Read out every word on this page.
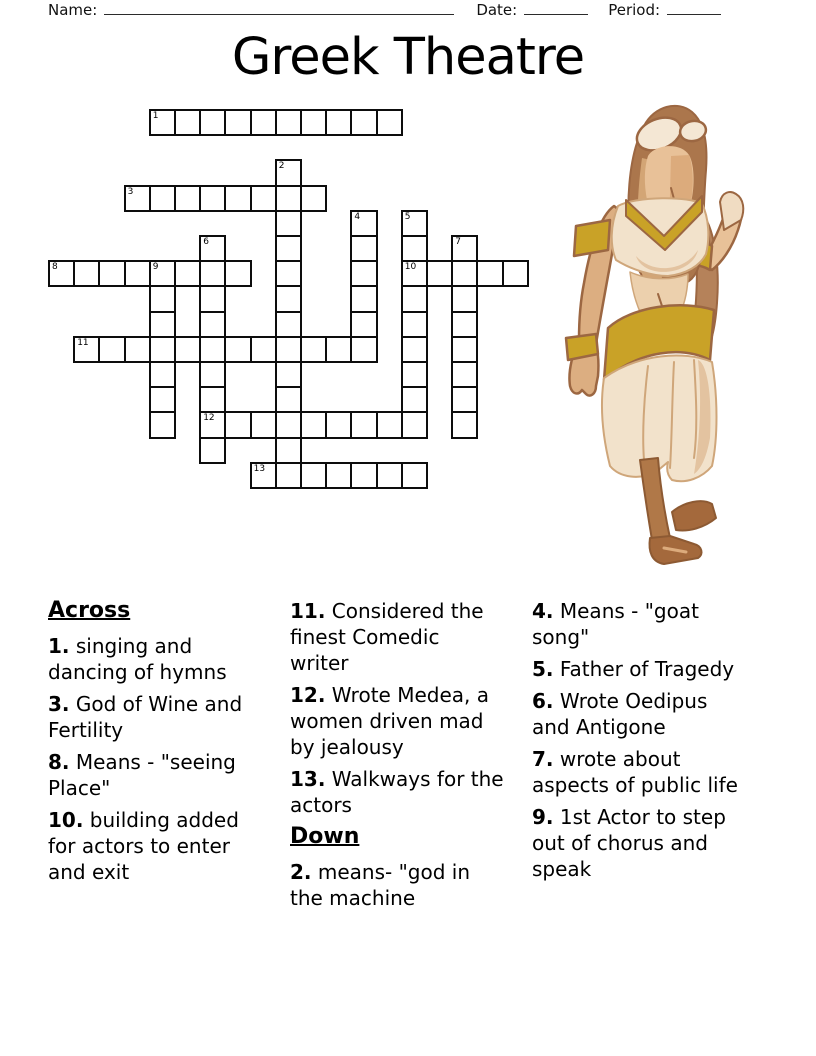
Name:	Date:	Period:
Greek Theatre
1
2
3
4	5
10
6
12
7
8	9
11
13
Across
1. singing and dancing of hymns
3. God of Wine and Fertility
8. Means - "seeing Place"
10. building added for actors to enter and exit
11. Considered the finest Comedic writer
12. Wrote Medea, a women driven mad by jealousy
13. Walkways for the actors
Down
2. means- "god in the machine
4. Means - "goat song"
5. Father of Tragedy
6. Wrote Oedipus and Antigone
7. wrote about aspects of public life
9. 1st Actor to step out of chorus and speak
